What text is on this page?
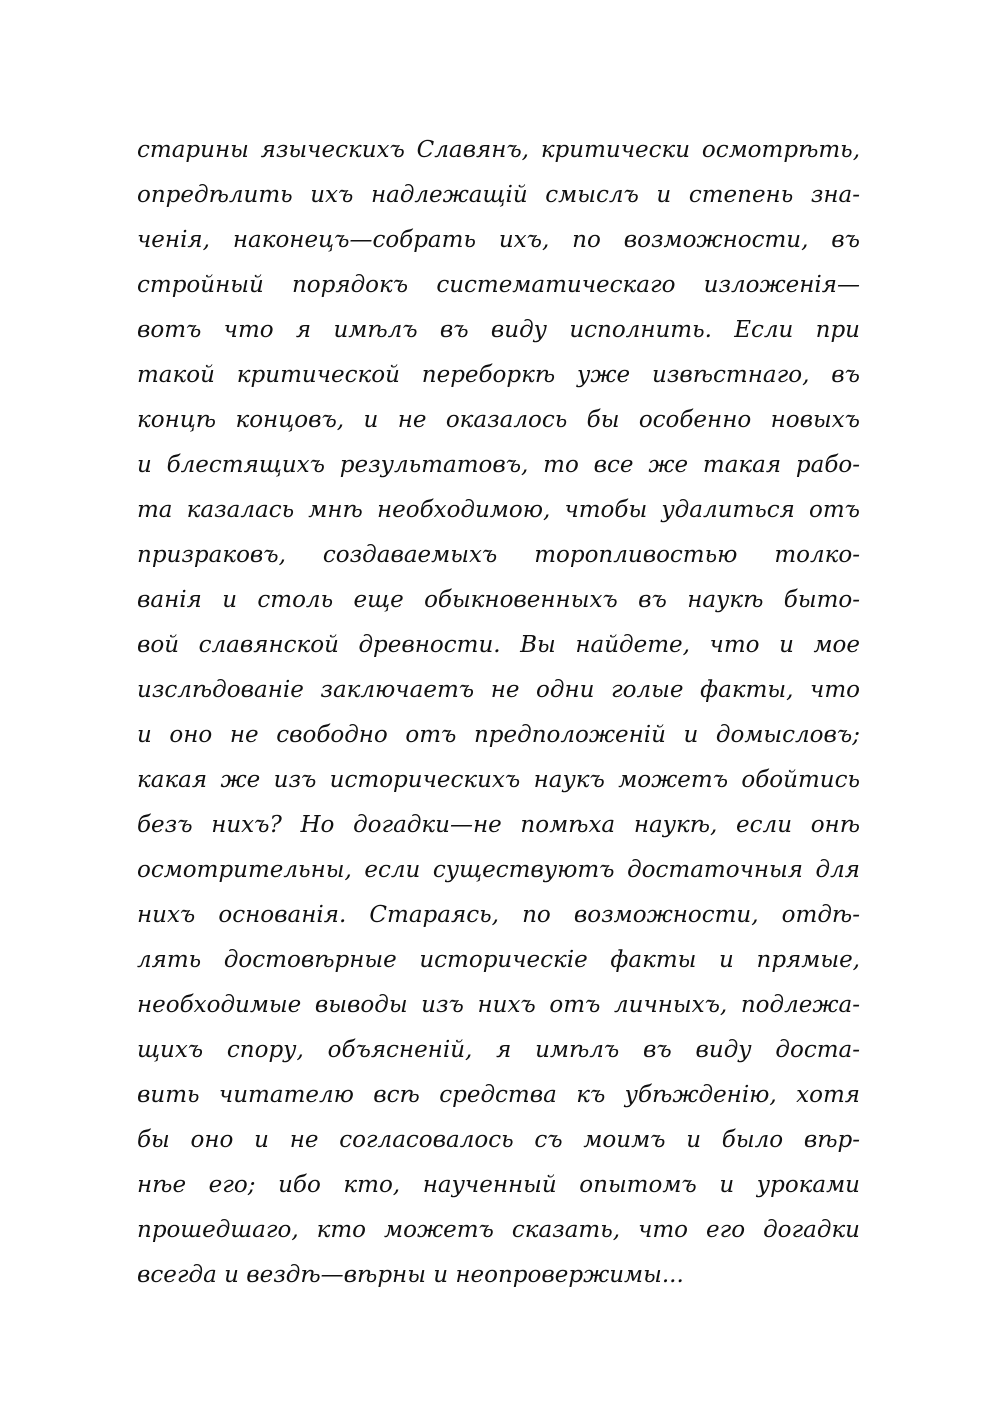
старины языческихъ Славянъ, критически осмотрѣть,
опредѣлить ихъ надлежащій смыслъ и степень зна-
ченія, наконецъ—собрать ихъ, по возможности, въ
стройный порядокъ систематическаго изложенія—
вотъ что я имѣлъ въ виду исполнить. Если при
такой критической переборкѣ уже извѣстнаго, въ
концѣ концовъ, и не оказалось бы особенно новыхъ
и блестящихъ результатовъ, то все же такая рабо-
та казалась мнѣ необходимою, чтобы удалиться отъ
призраковъ, создаваемыхъ торопливостью толко-
ванія и столь еще обыкновенныхъ въ наукѣ быто-
вой славянской древности. Вы найдете, что и мое
изслѣдованіе заключаетъ не одни голые факты, что
и оно не свободно отъ предположеній и домысловъ;
какая же изъ историческихъ наукъ можетъ обойтись
безъ нихъ? Но догадки—не помѣха наукѣ, если онѣ
осмотрительны, если существуютъ достаточныя для
нихъ основанія. Стараясь, по возможности, отдѣ-
лять достовѣрные историческіе факты и прямые,
необходимые выводы изъ нихъ отъ личныхъ, подлежа-
щихъ спору, объясненій, я имѣлъ въ виду доста-
вить читателю всѣ средства къ убѣжденію, хотя
бы оно и не согласовалось съ моимъ и было вѣр-
нѣе его; ибо кто, наученный опытомъ и уроками
прошедшаго, кто можетъ сказать, что его догадки
всегда и вездѣ—вѣрны и неопровержимы...
